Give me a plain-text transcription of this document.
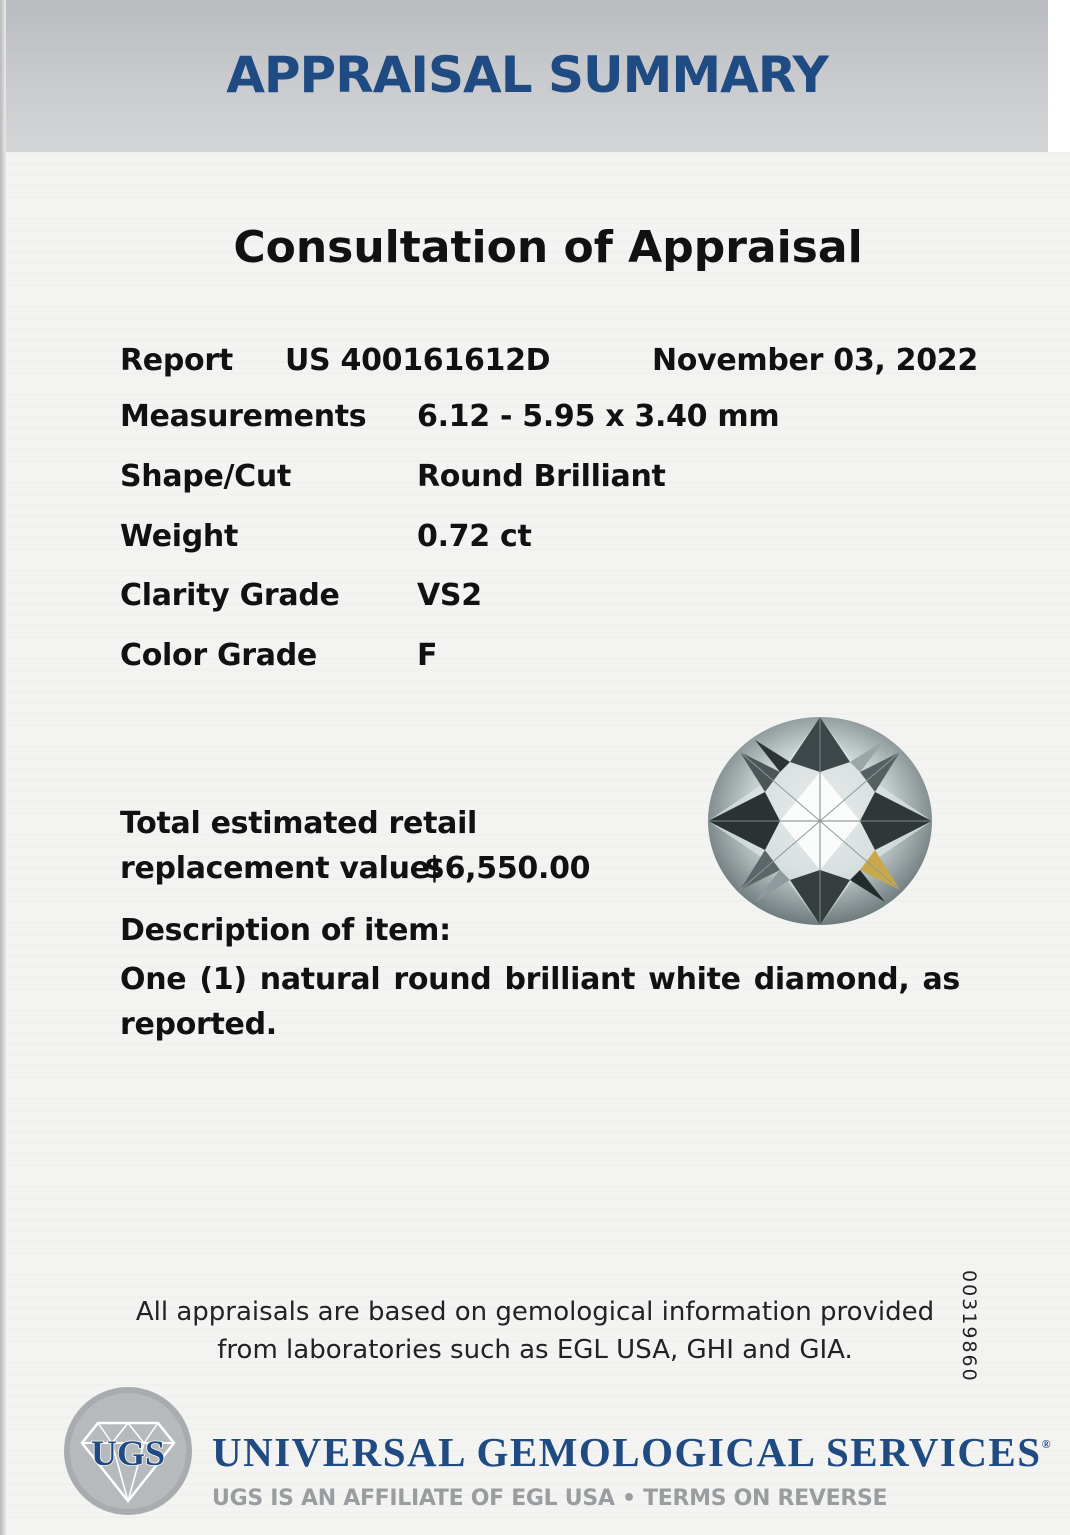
APPRAISAL SUMMARY
Consultation of Appraisal
Report US 400161612D	November 03, 2022
Measurements 6.12 - 5.95 x 3.40 mm
Shape/Cut	Round Brilliant
Weight	0.72 ct
Clarity Grade	VS2
Color Grade	F
Total estimated retail
replacement value:
$6,550.00
Description of item:
One (1) natural round brilliant white diamond, as reported.
All appraisals are based on gemological information provided
from laboratories such as EGL USA, GHI and GIA.	00319860
UGS UNIVERSAL GEMOLOGICAL SERVICES®
UGS IS AN AFFILIATE OF EGL USA • TERMS ON REVERSE
